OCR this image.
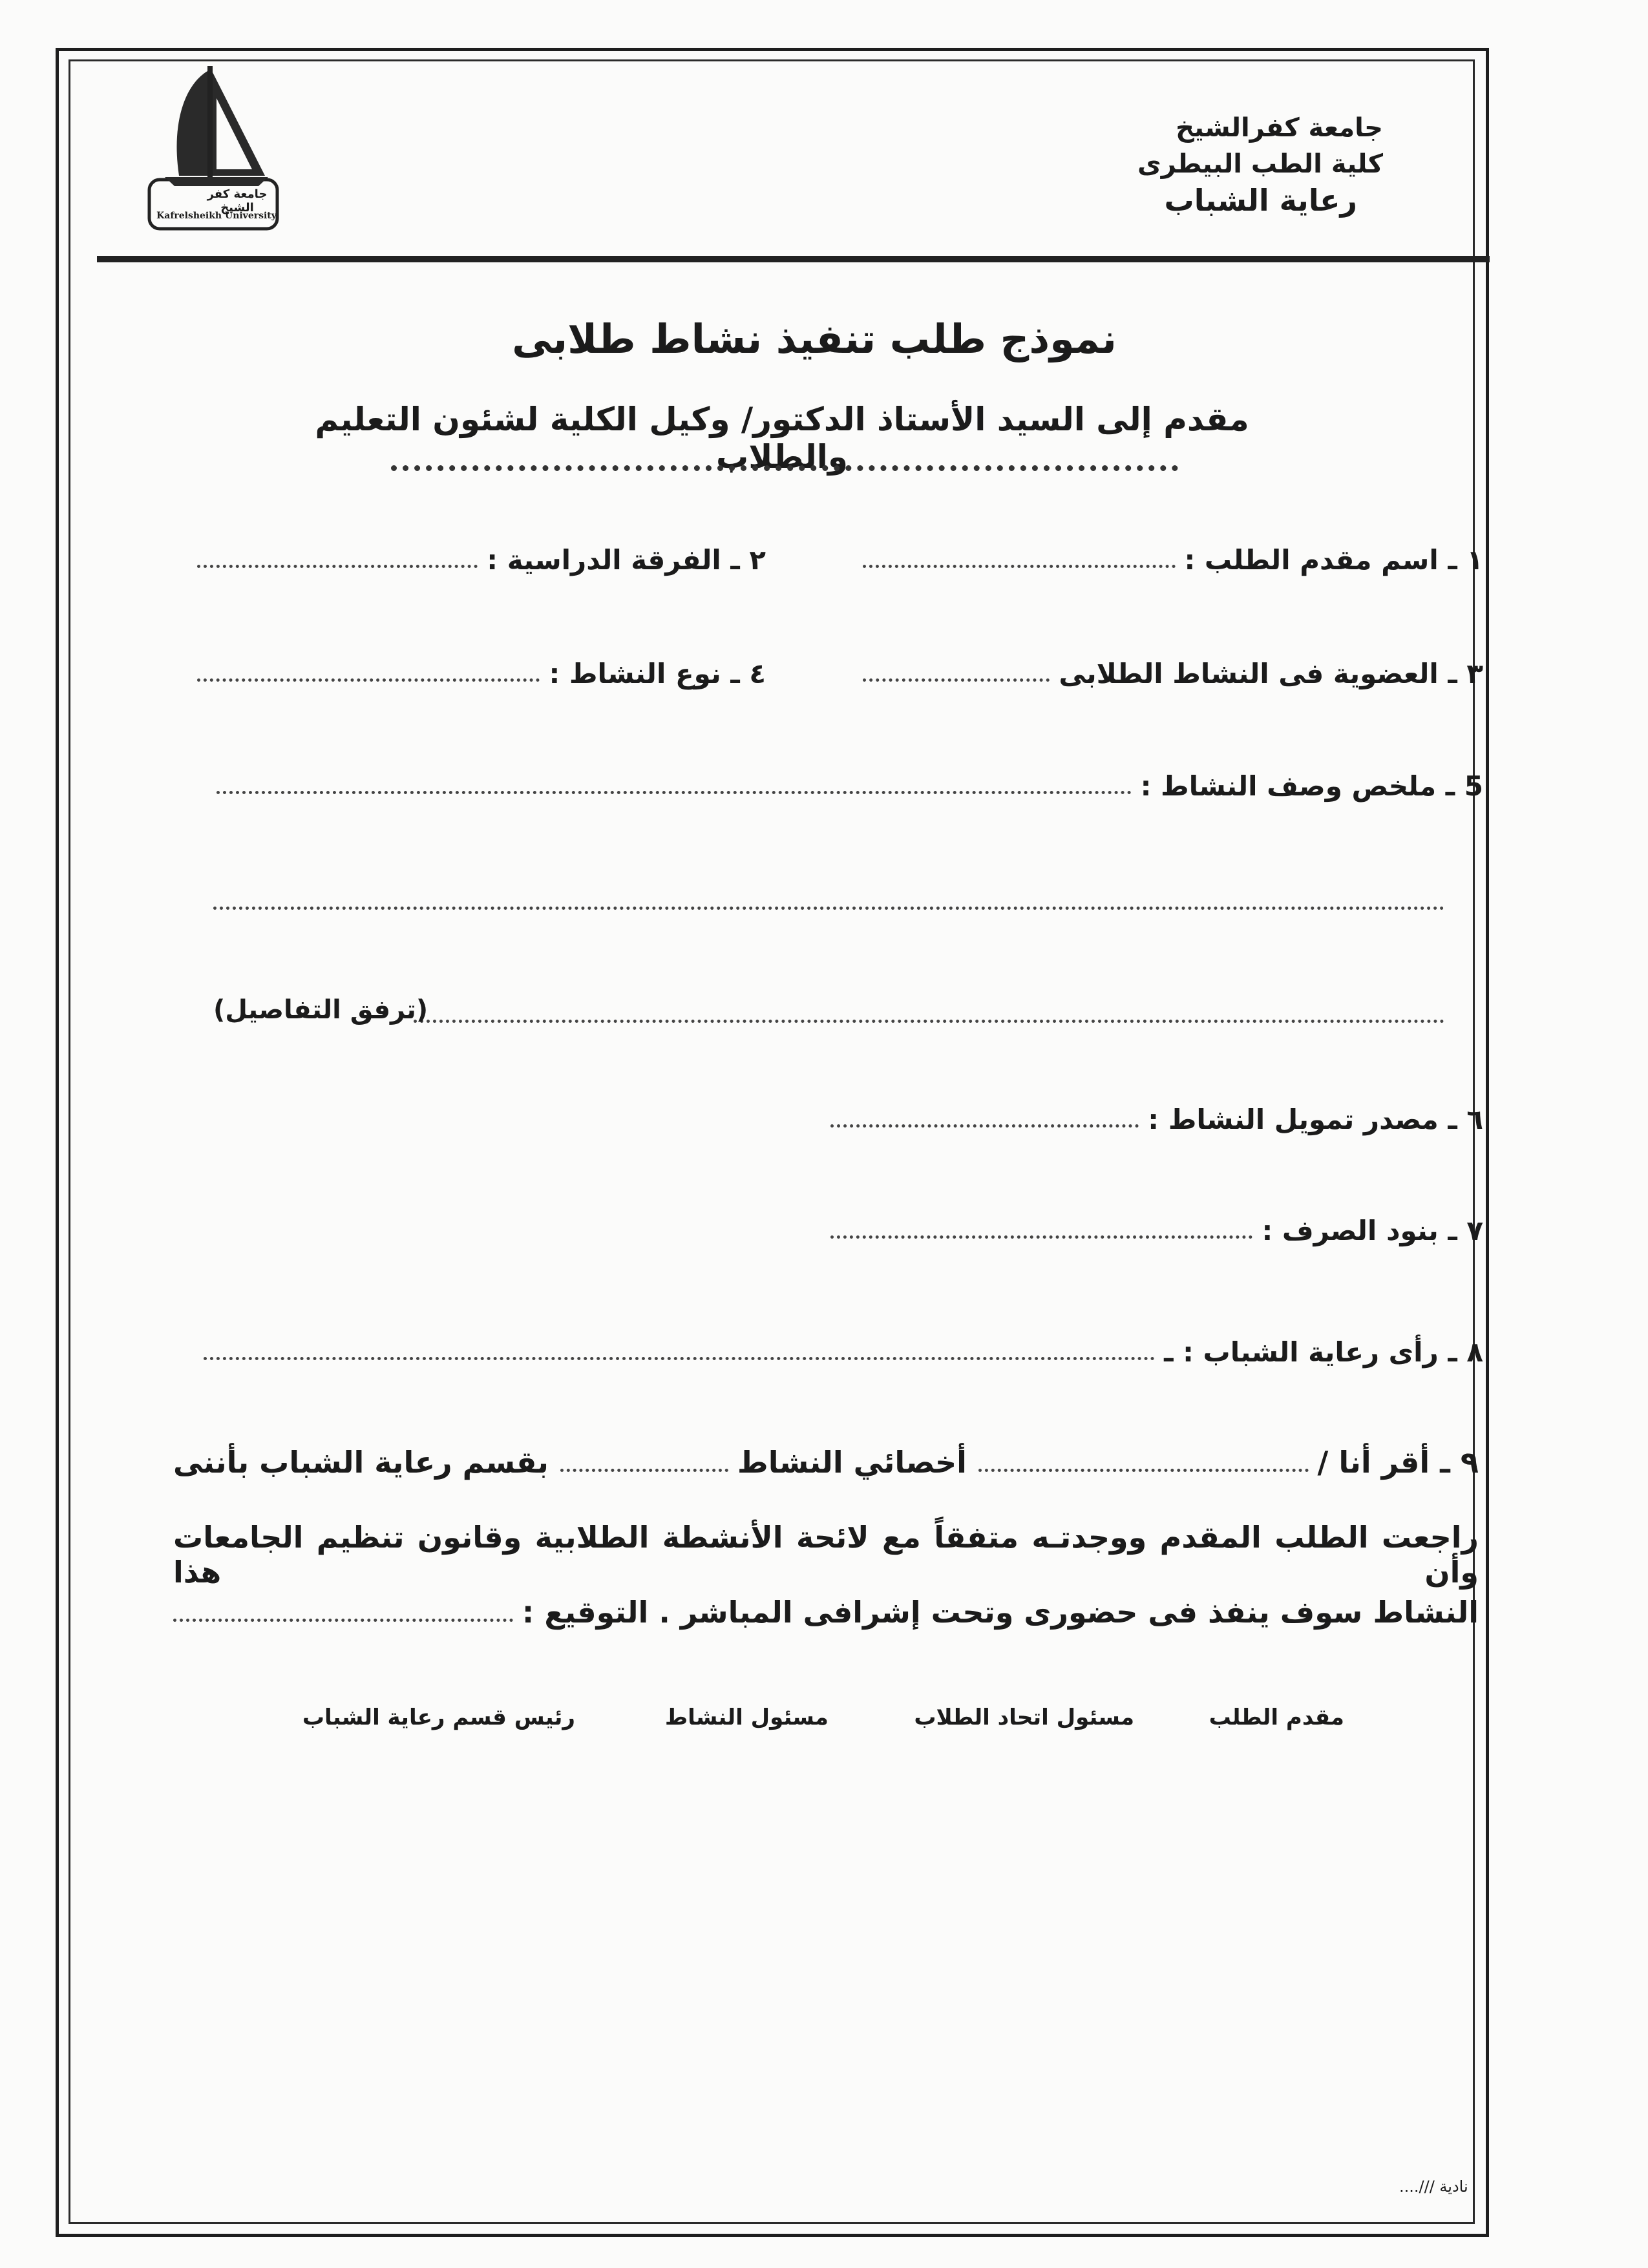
جامعة كفر الشيخ
Kafrelsheikh University
جامعة كفرالشيخ
كلية الطب البيطرى
رعاية الشباب
نموذج طلب تنفيذ نشاط طلابى
مقدم إلى السيد الأستاذ الدكتور/ وكيل الكلية لشئون التعليم والطلاب
١ ـ اسم مقدم الطلب :
٢ ـ الفرقة الدراسية :
٣ ـ العضوية فى النشاط الطلابى
٤ ـ نوع النشاط :
5 ـ ملخص وصف النشاط :
(ترفق التفاصيل)
٦ ـ مصدر تمويل النشاط :
٧ ـ بنود الصرف :
٨ ـ رأى رعاية الشباب : ـ
٩ ـ أقر أنا /
أخصائي النشاط
بقسم رعاية الشباب بأننى
راجعت الطلب المقدم ووجدتـه متفقاً مع لائحة الأنشطة الطلابية وقانون تنظيم الجامعات وأن هذا
النشاط سوف ينفذ فى حضورى وتحت إشرافى المباشر . التوقيع :
مقدم الطلب
مسئول اتحاد الطلاب
مسئول النشاط
رئيس قسم رعاية الشباب
نادية ///....
